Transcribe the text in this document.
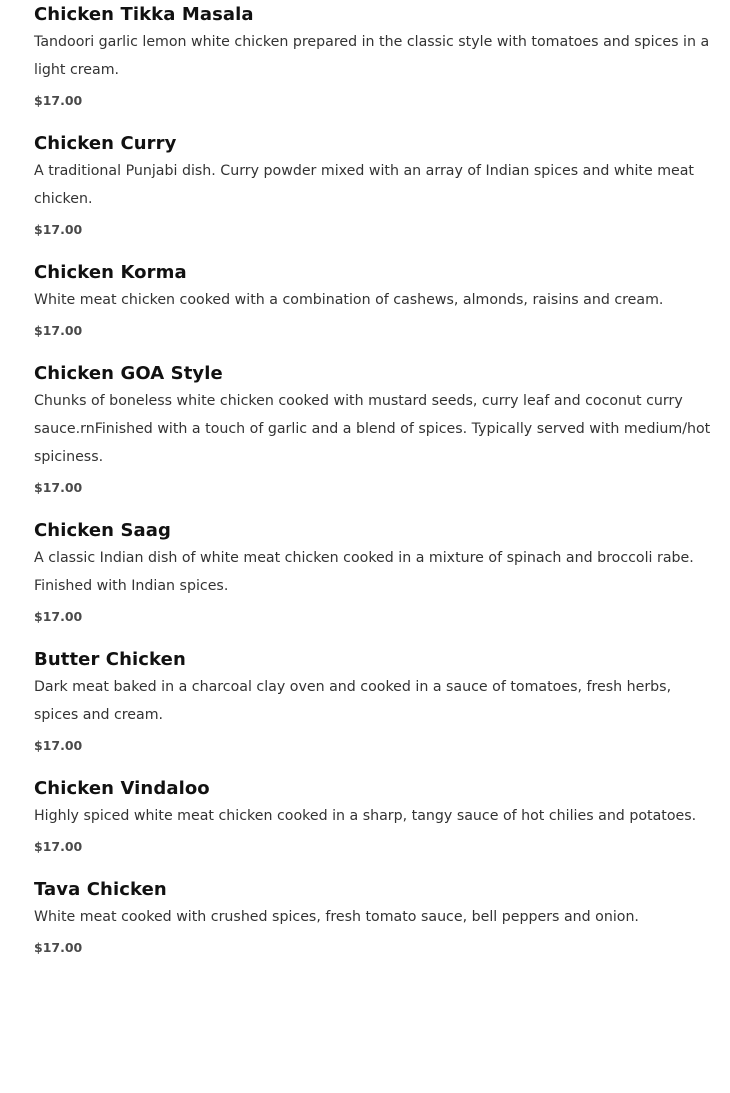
Chicken Tikka Masala
Tandoori garlic lemon white chicken prepared in the classic style with tomatoes and spices in a light cream.
$17.00
Chicken Curry
A traditional Punjabi dish. Curry powder mixed with an array of Indian spices and white meat chicken.
$17.00
Chicken Korma
White meat chicken cooked with a combination of cashews, almonds, raisins and cream.
$17.00
Chicken GOA Style
Chunks of boneless white chicken cooked with mustard seeds, curry leaf and coconut curry sauce.rnFinished with a touch of garlic and a blend of spices. Typically served with medium/hot spiciness.
$17.00
Chicken Saag
A classic Indian dish of white meat chicken cooked in a mixture of spinach and broccoli rabe. Finished with Indian spices.
$17.00
Butter Chicken
Dark meat baked in a charcoal clay oven and cooked in a sauce of tomatoes, fresh herbs, spices and cream.
$17.00
Chicken Vindaloo
Highly spiced white meat chicken cooked in a sharp, tangy sauce of hot chilies and potatoes.
$17.00
Tava Chicken
White meat cooked with crushed spices, fresh tomato sauce, bell peppers and onion.
$17.00
